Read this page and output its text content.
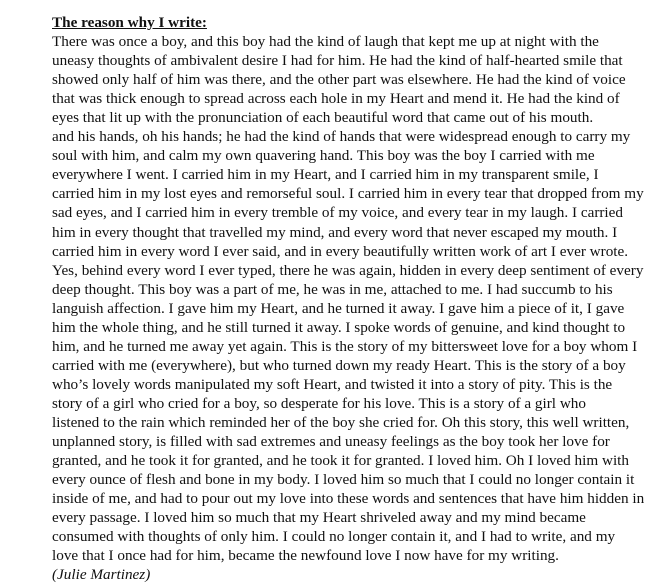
The reason why I write:
There was once a boy, and this boy had the kind of laugh that kept me up at night with the
uneasy thoughts of ambivalent desire I had for him. He had the kind of half-hearted smile that
showed only half of him was there, and the other part was elsewhere. He had the kind of voice
that was thick enough to spread across each hole in my Heart and mend it. He had the kind of
eyes that lit up with the pronunciation of each beautiful word that came out of his mouth.
and his hands, oh his hands; he had the kind of hands that were widespread enough to carry my
soul with him, and calm my own quavering hand. This boy was the boy I carried with me
everywhere I went. I carried him in my Heart, and I carried him in my transparent smile, I
carried him in my lost eyes and remorseful soul. I carried him in every tear that dropped from my
sad eyes, and I carried him in every tremble of my voice, and every tear in my laugh. I carried
him in every thought that travelled my mind, and every word that never escaped my mouth. I
carried him in every word I ever said, and in every beautifully written work of art I ever wrote.
Yes, behind every word I ever typed, there he was again, hidden in every deep sentiment of every
deep thought. This boy was a part of me, he was in me, attached to me. I had succumb to his
languish affection. I gave him my Heart, and he turned it away. I gave him a piece of it, I gave
him the whole thing, and he still turned it away. I spoke words of genuine, and kind thought to
him, and he turned me away yet again. This is the story of my bittersweet love for a boy whom I
carried with me (everywhere), but who turned down my ready Heart. This is the story of a boy
who’s lovely words manipulated my soft Heart, and twisted it into a story of pity. This is the
story of a girl who cried for a boy, so desperate for his love. This is a story of a girl who
listened to the rain which reminded her of the boy she cried for. Oh this story, this well written,
unplanned story, is filled with sad extremes and uneasy feelings as the boy took her love for
granted, and he took it for granted, and he took it for granted. I loved him. Oh I loved him with
every ounce of flesh and bone in my body. I loved him so much that I could no longer contain it
inside of me, and had to pour out my love into these words and sentences that have him hidden in
every passage. I loved him so much that my Heart shriveled away and my mind became
consumed with thoughts of only him. I could no longer contain it, and I had to write, and my
love that I once had for him, became the newfound love I now have for my writing.
(Julie Martinez)
